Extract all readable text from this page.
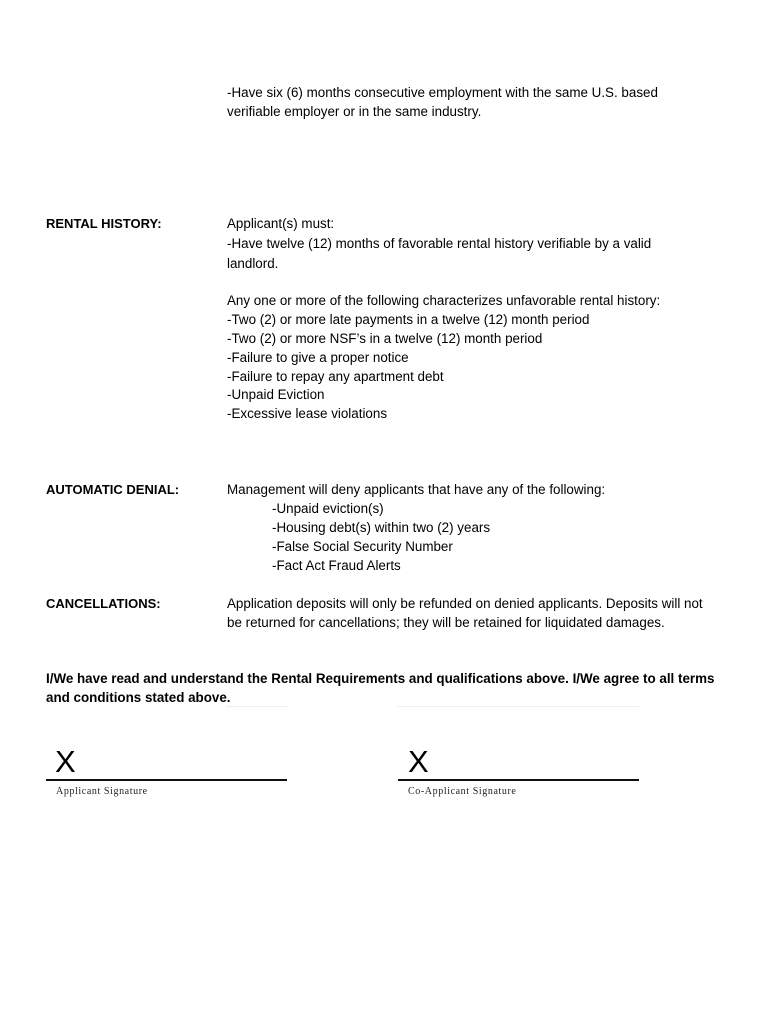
-Have six (6) months consecutive employment with the same U.S. based
verifiable employer or in the same industry.
RENTAL HISTORY:	Applicant(s) must:
-Have twelve (12) months of favorable rental history verifiable by a valid
landlord.
Any one or more of the following characterizes unfavorable rental history:
-Two (2) or more late payments in a twelve (12) month period
-Two (2) or more NSF’s in a twelve (12) month period
-Failure to give a proper notice
-Failure to repay any apartment debt
-Unpaid Eviction
-Excessive lease violations
AUTOMATIC DENIAL:	Management will deny applicants that have any of the following:
-Unpaid eviction(s)
-Housing debt(s) within two (2) years
-False Social Security Number
-Fact Act Fraud Alerts
CANCELLATIONS:	Application deposits will only be refunded on denied applicants. Deposits will not
be returned for cancellations; they will be retained for liquidated damages.
I/We have read and understand the Rental Requirements and qualifications above. I/We agree to all terms
and conditions stated above.
X
Applicant Signature
X
Co-Applicant Signature
